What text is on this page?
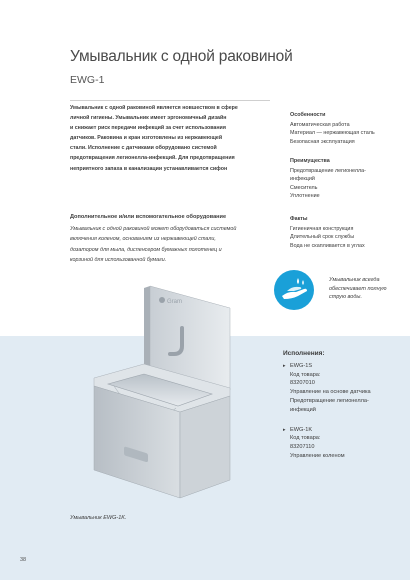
Умывальник с одной раковиной
EWG-1
Умывальник с одной раковиной является новшеством в сфере
личной гигиены. Умывальник имеет эргономичный дизайн
и снижает риск передачи инфекций за счет использования
датчиков. Раковина и кран изготовлены из нержавеющей
стали. Исполнение с датчиками оборудовано системой
предотвращения легионелла-инфекций. Для предотвращения
неприятного запаха в канализации устанавливается сифон
Дополнительное и/или вспомогательное оборудование
Умывальник с одной раковиной может оборудоваться системой
включения коленом, основаниям из нержавеющей стали,
дозатором для мыла, диспенсером бумажных полотенец и
корзиной для использованной бумаги.
Особенности
Автоматическая работа
Материал — нержавеющая сталь
Безопасная эксплуатация
Преимущества
Предотвращение легионелла-
инфекций
Смеситель
Уплотнение
Факты
Гигиеничная конструкция
Длительный срок службы
Вода не скапливается в углах
Умывальник всегда
обеспечивает полную
струю воды.
Gram
Исполнения:
▸ EWG-1S
Код товара:
83207010
Управление на основе датчика
Предотвращение легионелла-
инфекций
▸ EWG-1K
Код товара:
83207110
Управление коленом
Умывальник EWG-1K.
38
